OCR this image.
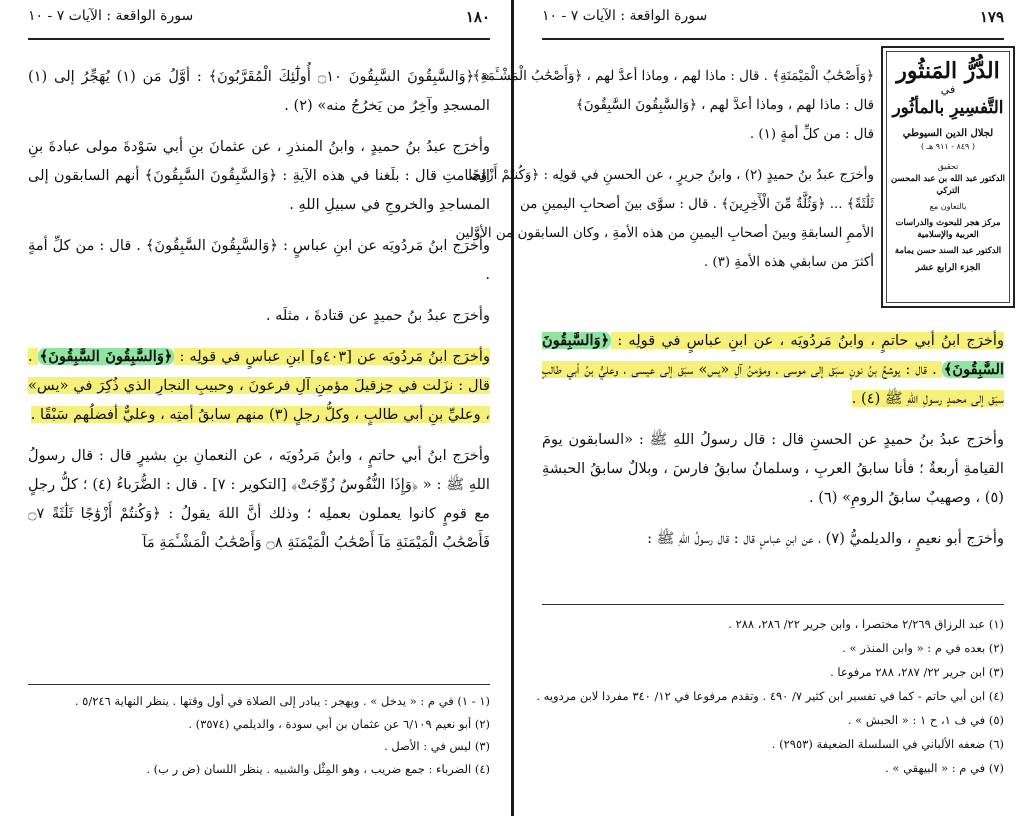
١٨٠
سورة الواقعة : الآيات ٧ - ١٠

« ﴿وَالسَّٰبِقُونَ السَّٰبِقُونَ ۝١٠ أُولَٰٓئِكَ الْمُقَرَّبُونَ﴾ : أوَّلُ مَن (١) يُهَجِّرُ إلى (١) المسجدِ وآخِرُ من يَخرُجُ منه» (٢) .

وأخرَج عبدُ بنُ حميدٍ ، وابنُ المنذرِ ، عن عثمانَ بنِ أبي سَوْدةَ مولى عبادةَ بنِ الصامتِ قال : بلَغنا في هذه الآيةِ : ﴿وَالسَّٰبِقُونَ السَّٰبِقُونَ﴾ أنهم السابقون إلى المساجدِ والخروجِ في سبيلِ اللهِ .

وأخرَج ابنُ مَردُويَه عن ابنِ عباسٍ : ﴿وَالسَّٰبِقُونَ السَّٰبِقُونَ﴾ . قال : من كلِّ أمةٍ .

وأخرَج عبدُ بنُ حميدٍ عن قتادةَ ، مثلَه .

وأخرَج ابنُ مَردُويَه عن [٤٠٣و] ابنِ عباسٍ في قولِه : ﴿وَالسَّٰبِقُونَ السَّٰبِقُونَ﴾ . قال : نزَلت في حِزقيلَ مؤمنِ آلِ فرعونَ ، وحبيبِ النجارِ الذي ذُكِرَ في «يس» ، وعليِّ بنِ أبي طالبٍ ، وكلُّ رجلٍ (٣) منهم سابقُ أمتِه ، وعليٌّ أفضلُهم سَبْقًا .

وأخرَج ابنُ أبي حاتمٍ ، وابنُ مَردُويَه ، عن النعمانِ بنِ بشيرٍ قال : قال رسولُ اللهِ ﷺ : « ﴿وَإِذَا النُّفُوسُ زُوِّجَتْ﴾ [التكوير : ٧] . قال : الضُّرَباءُ (٤) ؛ كلُّ رجلٍ مع قومٍ كانوا يعملون بعملِه ؛ وذلك أنَّ اللهَ يقولُ : ﴿وَكُنتُمْ أَزْوَٰجًا ثَلَٰثَةً ۝٧ فَأَصْحَٰبُ الْمَيْمَنَةِ مَآ أَصْحَٰبُ الْمَيْمَنَةِ ۝٨ وَأَصْحَٰبُ الْمَشْـَٔمَةِ مَآ

(١ - ١) في م : « يدخل » . ويهجر : يبادر إلى الصلاة في أول وقتها . ينظر النهاية ٥/٢٤٦ .
(٢) أبو نعيم ٦/١٠٩ عن عثمان بن أبي سودة ، والديلمي (٣٥٧٤) .
(٣) ليس في : الأصل .
(٤) الضرباء : جمع ضريب ، وهو المِثْل والشبيه . ينظر اللسان (ض ر ب) .
١٧٩
سورة الواقعة : الآيات ٧ - ١٠
﴿وَأَصْحَٰبُ الْمَيْمَنَةِ﴾ . قال : ماذا لهم ، وماذا أعدَّ لهم ، ﴿وَأَصْحَٰبُ الْمَشْـَٔمَةِ﴾
قال : ماذا لهم ، وماذا أعدَّ لهم ، ﴿وَالسَّٰبِقُونَ السَّٰبِقُونَ﴾
قال : من كلِّ أمةٍ (١) .
وأخرَج عبدُ بنُ حميدٍ (٢) ، وابنُ جريرٍ ، عن الحسنِ في قولِه : ﴿وَكُنتُمْ أَزْوَٰجًا
ثَلَٰثَةً﴾ ... ﴿وَثُلَّةٌ مِّنَ الْأٓخِرِينَ﴾ . قال : سوَّى بينَ أصحابِ اليمينِ من
الأممِ السابقةِ وبينَ أصحابِ اليمينِ من هذه الأمةِ ، وكان السابقون من الأوَّلين
أكثرَ من سابقي هذه الأمةِ (٣) .

وأخرَج ابنُ أبي حاتمٍ ، وابنُ مَردُويَه ، عن ابنِ عباسٍ في قولِه : ﴿وَالسَّٰبِقُونَ السَّٰبِقُونَ﴾ . قال : يوشعُ بنُ نونٍ سبَق إلى موسى ، ومؤمنُ آلِ «يس» سبَق إلى عيسى ، وعليُّ بنُ أبي طالبٍ سبَق إلى محمدٍ رسولِ اللهِ ﷺ (٤) .

وأخرَج عبدُ بنُ حميدٍ عن الحسنِ قال : قال رسولُ اللهِ ﷺ : «السابقون يومَ القيامةِ أربعةٌ ؛ فأنا سابقُ العربِ ، وسلمانُ سابقُ فارسَ ، وبلالٌ سابقُ الحبشةِ (٥) ، وصهيبٌ سابقُ الرومِ» (٦) .

وأخرَج أبو نعيمٍ ، والديلميُّ (٧) ، عن ابنِ عباسٍ قال : قال رسولُ اللهِ ﷺ :

(١) عبد الرزاق ٢/٢٦٩ مختصرا ، وابن جرير ٢٢/ ٢٨٦، ٢٨٨ .
(٢) بعده في م : « وابن المنذر » .
(٣) ابن جرير ٢٢/ ٢٨٧، ٢٨٨ مرفوعا .
(٤) ابن أبي حاتم - كما في تفسير ابن كثير ٧/ ٤٩٠ . وتقدم مرفوعا في ١٢/ ٣٤٠ مفردا لابن مردويه .
(٥) في ف ١، ح ١ : « الحبش » .
(٦) ضعفه الألباني في السلسلة الضعيفة (٢٩٥٣) .
(٧) في م : « البيهقي » .
الدُّرُّ المَنثُور
في
التَّفسِيرِ بالمأثُور
لجلال الدين السيوطي
( ٨٤٩ - ٩١١ هـ )
تحقيق
الدكتور عبد الله بن عبد المحسن التركي
بالتعاون مع
مركز هجر للبحوث والدراسات العربية والإسلامية
الدكتور عبد السند حسن يمامة
الجزء الرابع عشر
